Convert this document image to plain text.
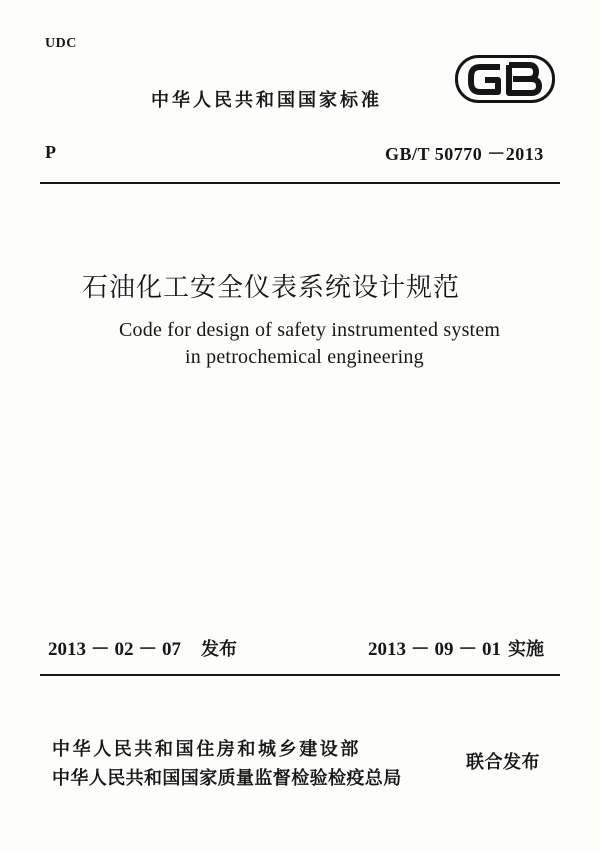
UDC
中华人民共和国国家标准
P	GB/T 50770 －2013
石油化工安全仪表系统设计规范
Code for design of safety instrumented system
in petrochemical engineering
2013 － 02 － 07 发布	2013 － 09 － 01 实施
中华人民共和国住房和城乡建设部
中华人民共和国国家质量监督检验检疫总局
联合发布
